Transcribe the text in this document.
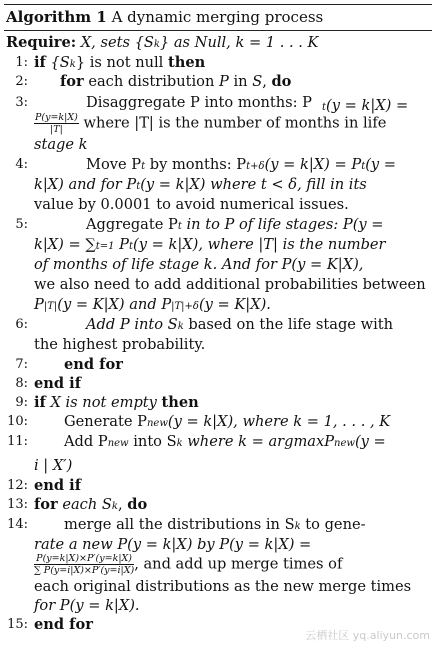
Algorithm 1 A dynamic merging process
Require: X, sets {Sk} as Null, k = 1 . . . K
1: if {Sk} is not null then
2: for each distribution P in S, do
3:	Disaggregate P into months: P t(y = k|X) =
$\frac{P(y=k|X)}{|T|}$ where |T| is the number of months in life
stage k
4:	Move Pt by months: Pt+δ(y = k|X) = Pt(y =
k|X) and for Pt(y = k|X) where t < δ, fill in its
value by 0.0001 to avoid numerical issues.
5:	Aggregate Pt in to P of life stages: P(y =
k|X) = ∑t=1 Pt(y = k|X), where |T| is the number
of months of life stage k. And for P(y = K|X),
we also need to add additional probabilities between
P|T|(y = K|X) and P|T|+δ(y = K|X).
6:	Add P into Sk based on the life stage with
the highest probability.
7: end for
8: end if
9: if X is not empty then
10: Generate Pnew(y = k|X), where k = 1, . . . , K
11: Add Pnew into Sk where k = argmaxPnew(y =
i | X′)
12: end if
13: for each Sk, do
14: merge all the distributions in Sk to gene-
rate a new P(y = k|X) by P(y = k|X) =
$\frac{P(y=k|X)\times P'(y=k|X)}{\sum P(y=i|X)\times P'(y=i|X)}$ , and add up merge times of
each original distributions as the new merge times
for P(y = k|X).
15: end for
云栖社区 yq.aliyun.com
